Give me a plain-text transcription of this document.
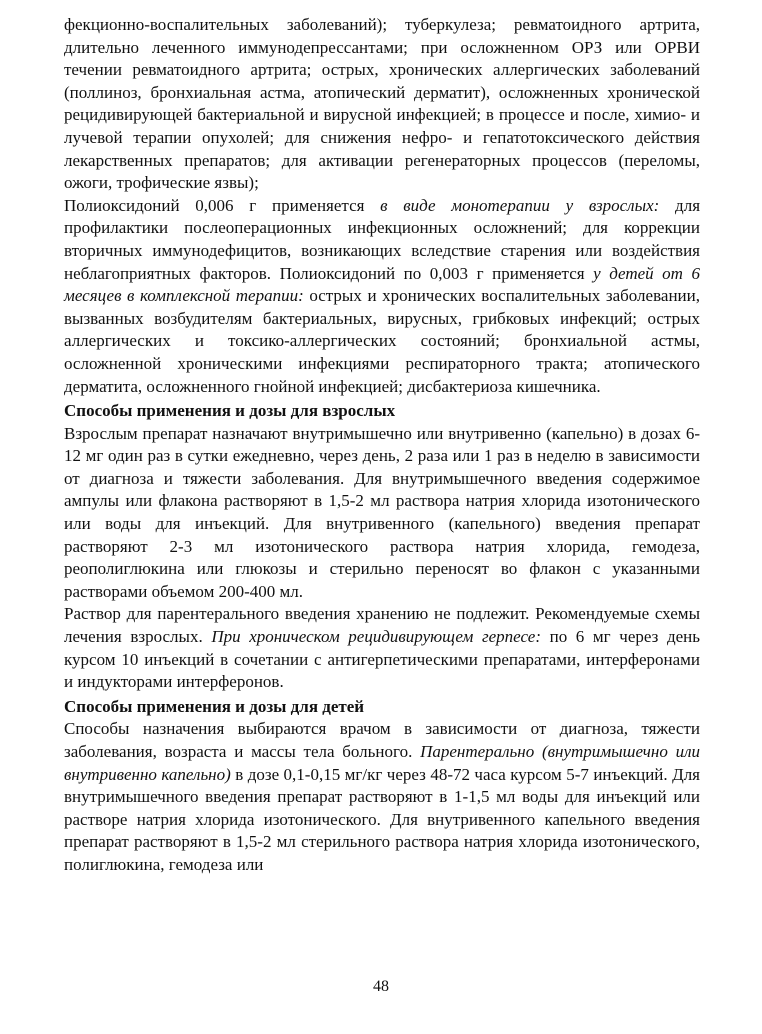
фекционно-воспалительных заболеваний); туберкулеза; ревматоидного артрита, длительно леченного иммунодепрессантами; при осложненном ОРЗ или ОРВИ течении ревматоидного артрита; острых, хронических аллергических заболеваний (поллиноз, бронхиальная астма, атопический дерматит), осложненных хронической рецидивирующей бактериальной и вирусной инфекцией; в процессе и после, химио- и лучевой терапии опухолей; для снижения нефро- и гепатотоксического действия лекарственных препаратов; для активации регенераторных процессов (переломы, ожоги, трофические язвы);

Полиоксидоний 0,006 г применяется в виде монотерапии у взрослых: для профилактики послеоперационных инфекционных осложнений; для коррекции вторичных иммунодефицитов, возникающих вследствие старения или воздействия неблагоприятных факторов. Полиоксидоний по 0,003 г применяется у детей от 6 месяцев в комплексной терапии: острых и хронических воспалительных заболевании, вызванных возбудителям бактериальных, вирусных, грибковых инфекций; острых аллергических и токсико-аллергических состояний; бронхиальной астмы, осложненной хроническими инфекциями респираторного тракта; атопического дерматита, осложненного гнойной инфекцией; дисбактериоза кишечника.

Способы применения и дозы для взрослых

Взрослым препарат назначают внутримышечно или внутривенно (капельно) в дозах 6-12 мг один раз в сутки ежедневно, через день, 2 раза или 1 раз в неделю в зависимости от диагноза и тяжести заболевания. Для внутримышечного введения содержимое ампулы или флакона растворяют в 1,5-2 мл раствора натрия хлорида изотонического или воды для инъекций. Для внутривенного (капельного) введения препарат растворяют 2-3 мл изотонического раствора натрия хлорида, гемодеза, реополиглюкина или глюкозы и стерильно переносят во флакон с указанными растворами объемом 200-400 мл.

Раствор для парентерального введения хранению не подлежит. Рекомендуемые схемы лечения взрослых. При хроническом рецидивирующем герпесе: по 6 мг через день курсом 10 инъекций в сочетании с антигерпетическими препаратами, интерферонами и индукторами интерферонов.

Способы применения и дозы для детей

Способы назначения выбираются врачом в зависимости от диагноза, тяжести заболевания, возраста и массы тела больного. Парентерально (внутримышечно или внутривенно капельно) в дозе 0,1-0,15 мг/кг через 48-72 часа курсом 5-7 инъекций. Для внутримышечного введения препарат растворяют в 1-1,5 мл воды для инъекций или растворе натрия хлорида изотонического. Для внутривенного капельного введения препарат растворяют в 1,5-2 мл стерильного раствора натрия хлорида изотонического, полиглюкина, гемодеза или

48
